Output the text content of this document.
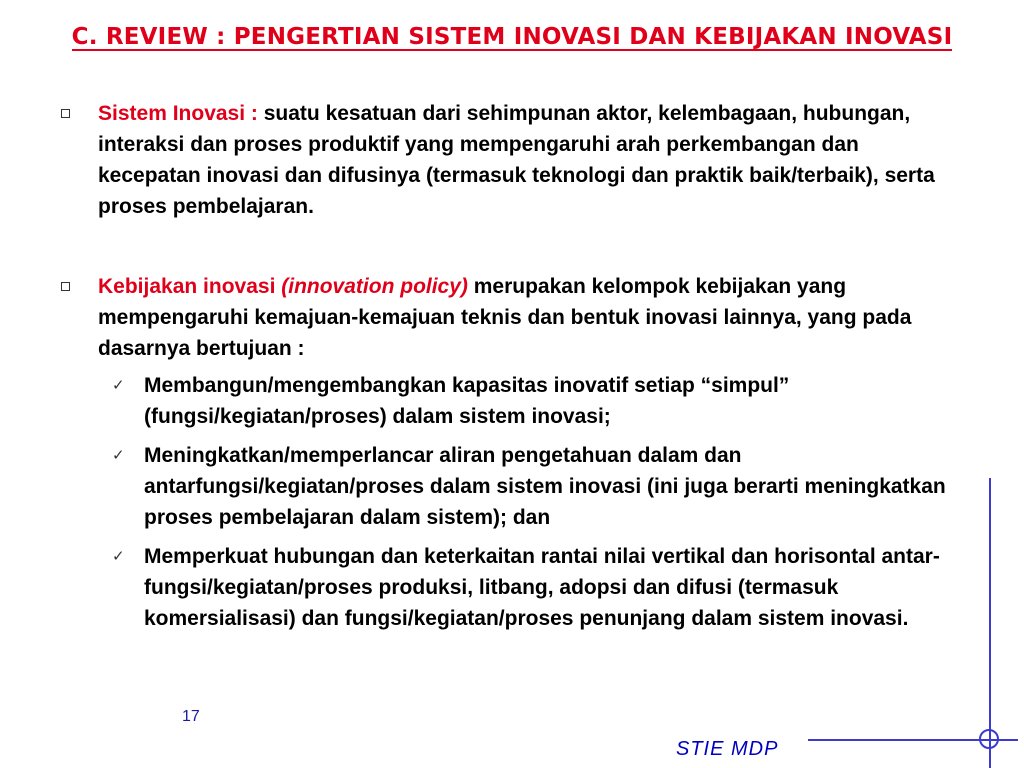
C. REVIEW : PENGERTIAN SISTEM INOVASI DAN KEBIJAKAN INOVASI

Sistem Inovasi : suatu kesatuan dari sehimpunan aktor, kelembagaan, hubungan, interaksi dan proses produktif yang mempengaruhi arah perkembangan dan kecepatan inovasi dan difusinya (termasuk teknologi dan praktik baik/terbaik), serta proses pembelajaran.

Kebijakan inovasi (innovation policy) merupakan kelompok kebijakan yang mempengaruhi kemajuan-kemajuan teknis dan bentuk inovasi lainnya, yang pada dasarnya bertujuan :

✓ Membangun/mengembangkan kapasitas inovatif setiap “simpul” (fungsi/kegiatan/proses) dalam sistem inovasi;

✓ Meningkatkan/memperlancar aliran pengetahuan dalam dan antarfungsi/kegiatan/proses dalam sistem inovasi (ini juga berarti meningkatkan proses pembelajaran dalam sistem); dan

✓ Memperkuat hubungan dan keterkaitan rantai nilai vertikal dan horisontal antar- fungsi/kegiatan/proses produksi, litbang, adopsi dan difusi (termasuk komersialisasi) dan fungsi/kegiatan/proses penunjang dalam sistem inovasi.

17
STIE MDP
